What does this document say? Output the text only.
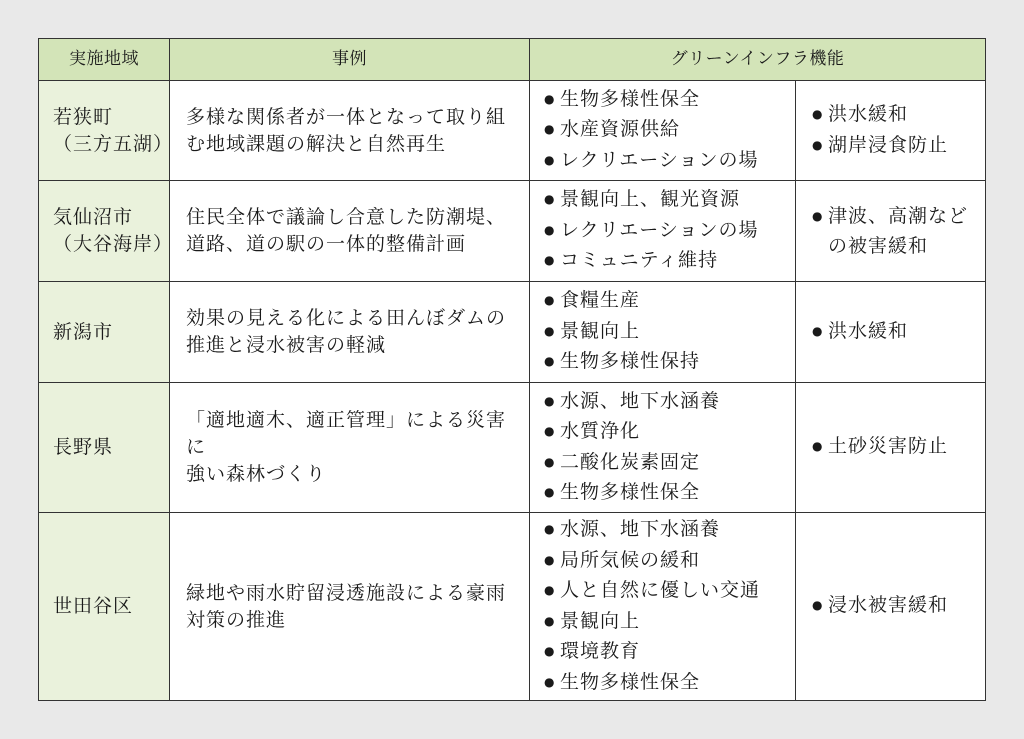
実施地域	事例	グリーンインフラ機能
若狭町
（三方五湖）
多様な関係者が一体となって取り組
む地域課題の解決と自然再生
● 生物多様性保全
● 水産資源供給
● レクリエーションの場
● 洪水緩和
● 湖岸浸食防止
気仙沼市
（大谷海岸）
住民全体で議論し合意した防潮堤、
道路、道の駅の一体的整備計画
● 景観向上、観光資源
● レクリエーションの場
● コミュニティ維持
● 津波、高潮など
の被害緩和
新潟市
効果の見える化による田んぼダムの
推進と浸水被害の軽減
● 食糧生産
● 景観向上
● 生物多様性保持
● 洪水緩和
長野県
「適地適木、適正管理」による災害に
強い森林づくり
● 水源、地下水涵養
● 水質浄化
● 二酸化炭素固定
● 生物多様性保全
● 土砂災害防止
世田谷区
緑地や雨水貯留浸透施設による豪雨
対策の推進
● 水源、地下水涵養
● 局所気候の緩和
● 人と自然に優しい交通
● 景観向上
● 環境教育
● 生物多様性保全
● 浸水被害緩和
